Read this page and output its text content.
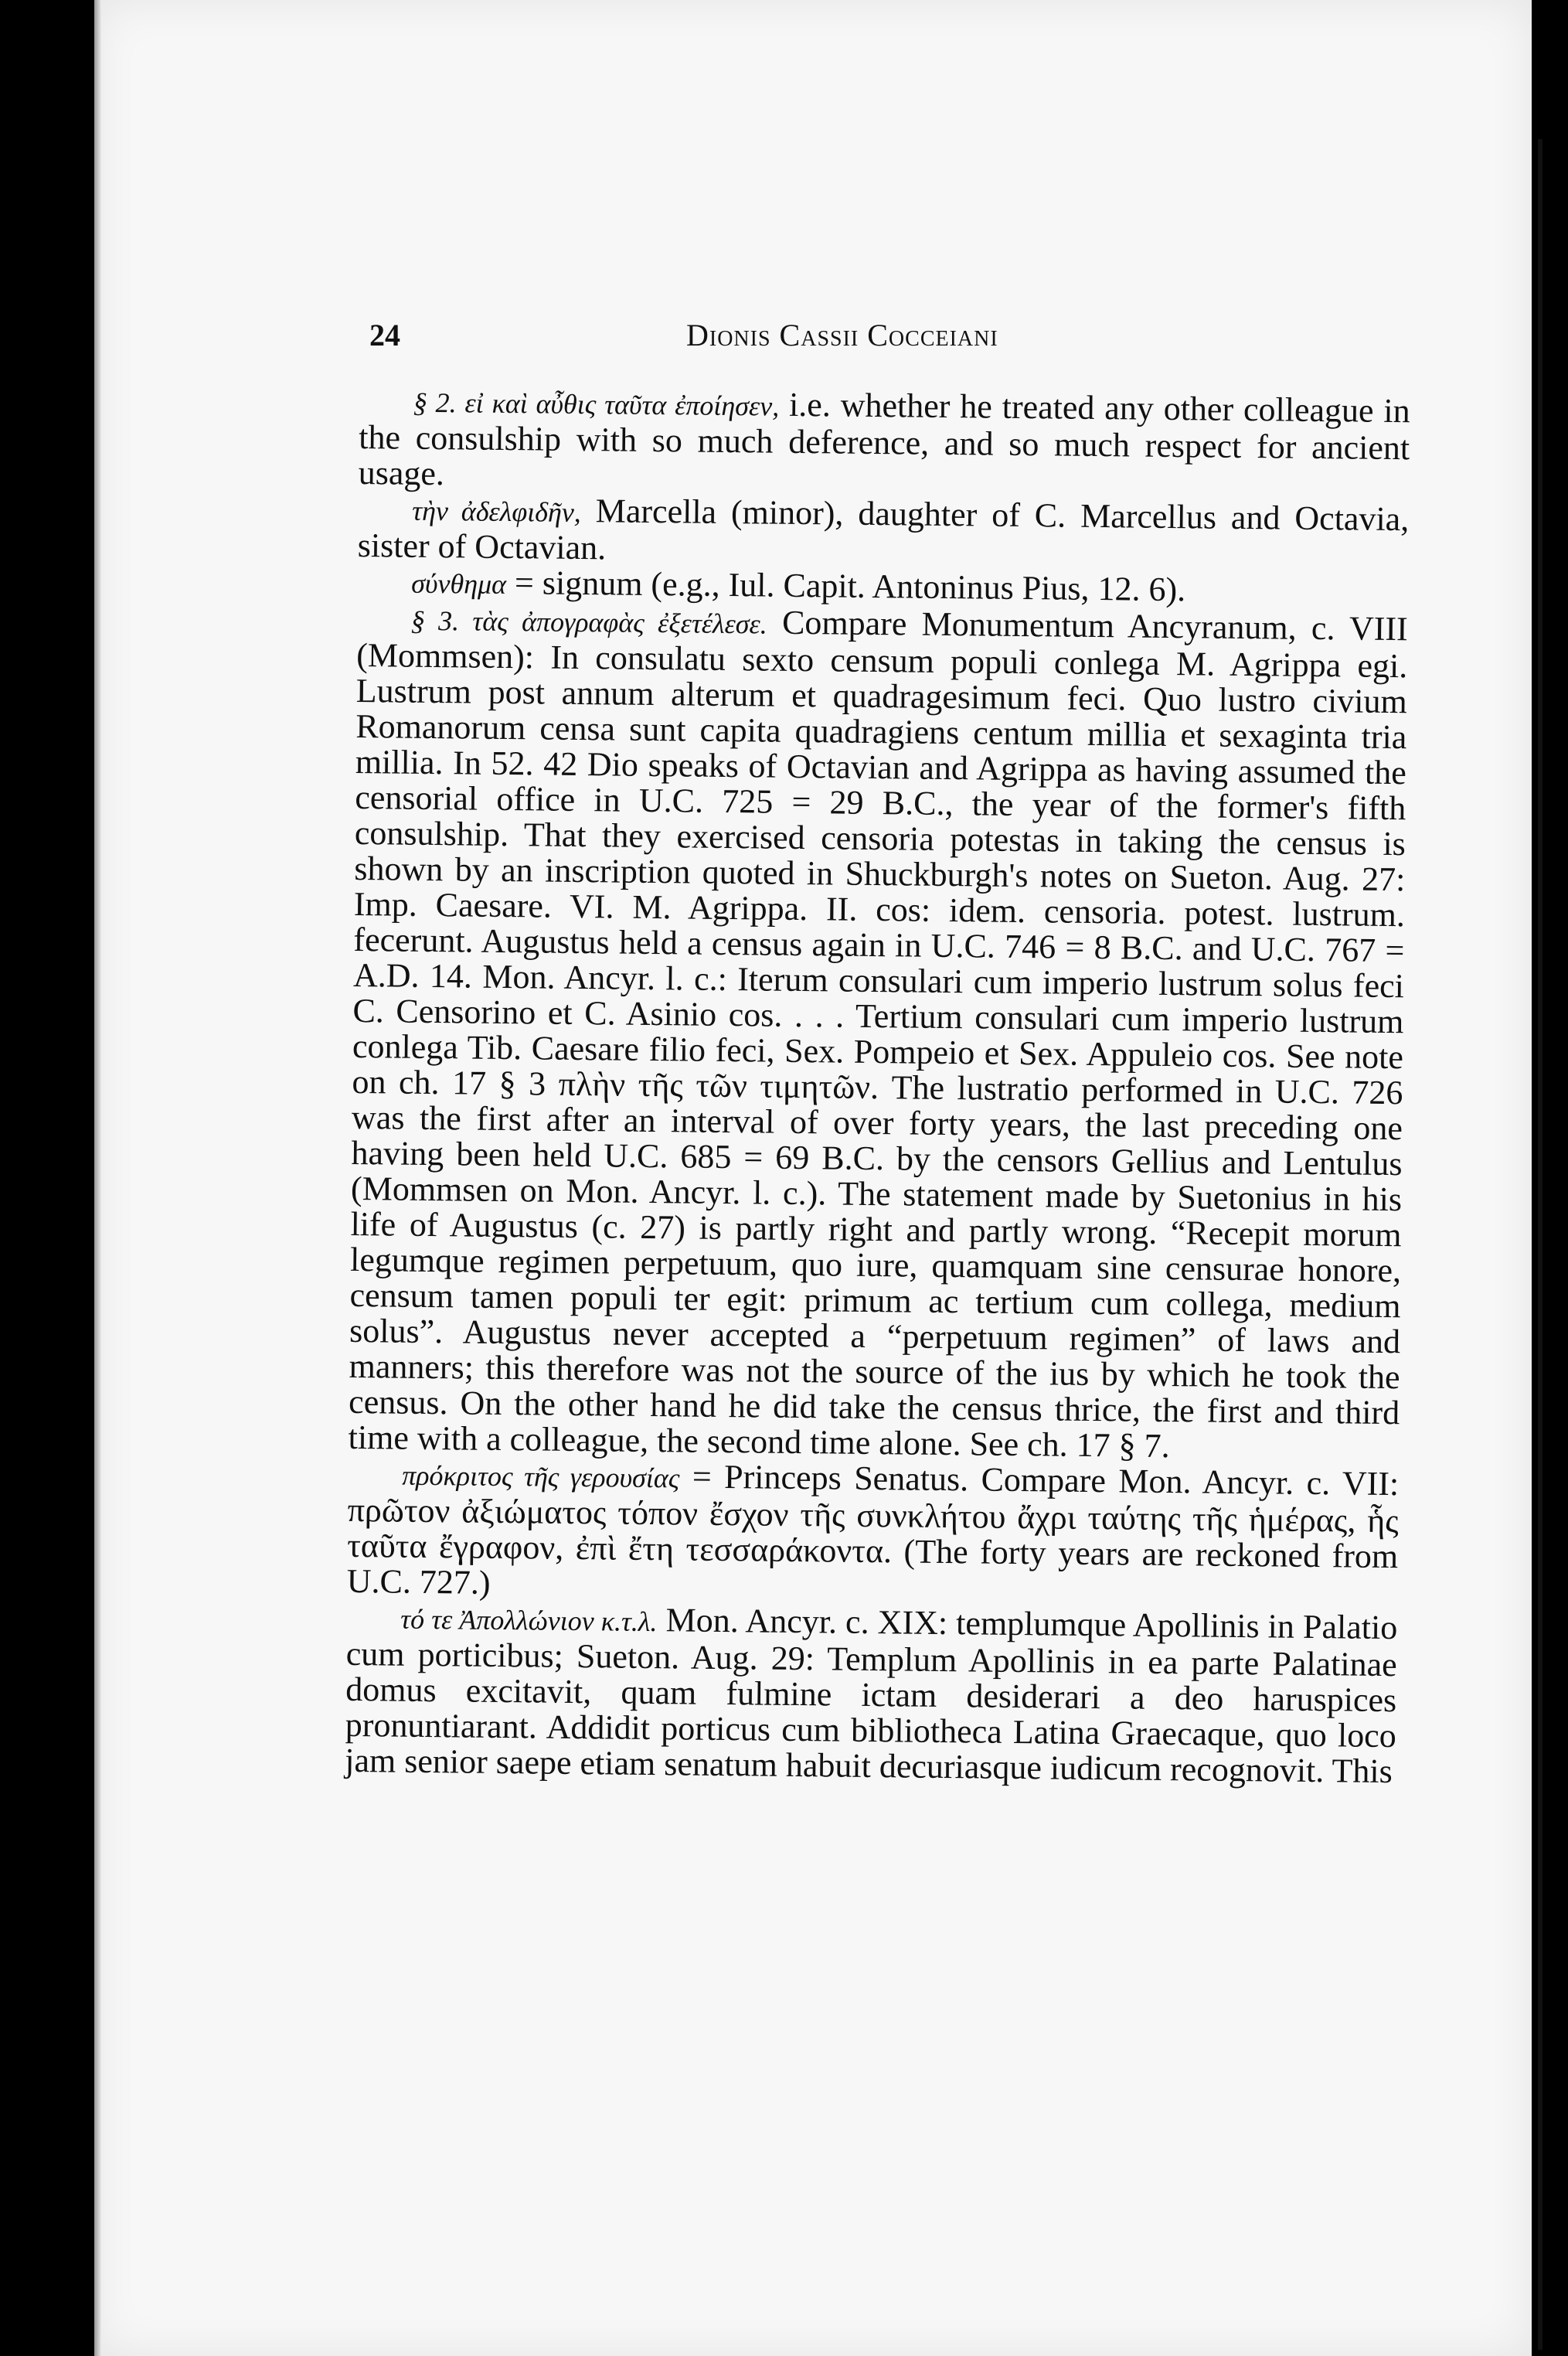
24	Dionis Cassii Cocceiani

§ 2. εἰ καὶ αὖθις ταῦτα ἐποίησεν, i.e. whether he treated any other colleague in the consulship with so much deference, and so much respect for ancient usage.

τὴν ἀδελφιδῆν, Marcella (minor), daughter of C. Marcellus and Octavia, sister of Octavian.

σύνθημα = signum (e.g., Iul. Capit. Antoninus Pius, 12. 6).

§ 3. τὰς ἀπογραφὰς ἐξετέλεσε. Compare Monumentum Ancyranum, c. VIII (Mommsen): In consulatu sexto censum populi conlega M. Agrippa egi. Lustrum post annum alterum et quadragesimum feci. Quo lustro civium Romanorum censa sunt capita quadragiens centum millia et sexaginta tria millia. In 52. 42 Dio speaks of Octavian and Agrippa as having assumed the censorial office in U.C. 725 = 29 B.C., the year of the former's fifth consulship. That they exercised censoria potestas in taking the census is shown by an inscription quoted in Shuckburgh's notes on Sueton. Aug. 27: Imp. Caesare. VI. M. Agrippa. II. cos: idem. censoria. potest. lustrum. fecerunt. Augustus held a census again in U.C. 746 = 8 B.C. and U.C. 767 = A.D. 14. Mon. Ancyr. l. c.: Iterum consulari cum imperio lustrum solus feci C. Censorino et C. Asinio cos. . . . Tertium consulari cum imperio lustrum conlega Tib. Caesare filio feci, Sex. Pompeio et Sex. Appuleio cos. See note on ch. 17 § 3 πλὴν τῆς τῶν τιμητῶν. The lustratio performed in U.C. 726 was the first after an interval of over forty years, the last preceding one having been held U.C. 685 = 69 B.C. by the censors Gellius and Lentulus (Mommsen on Mon. Ancyr. l. c.). The statement made by Suetonius in his life of Augustus (c. 27) is partly right and partly wrong. “Recepit morum legumque regimen perpetuum, quo iure, quamquam sine censurae honore, censum tamen populi ter egit: primum ac tertium cum collega, medium solus”. Augustus never accepted a “perpetuum regimen” of laws and manners; this therefore was not the source of the ius by which he took the census. On the other hand he did take the census thrice, the first and third time with a colleague, the second time alone. See ch. 17 § 7.

πρόκριτος τῆς γερουσίας = Princeps Senatus. Compare Mon. Ancyr. c. VII: πρῶτον ἀξιώματος τόπον ἔσχον τῆς συνκλήτου ἄχρι ταύτης τῆς ἡμέρας, ἧς ταῦτα ἔγραφον, ἐπὶ ἔτη τεσσαράκοντα. (The forty years are reckoned from U.C. 727.)

τό τε Ἀπολλώνιον κ.τ.λ. Mon. Ancyr. c. XIX: templumque Apollinis in Palatio cum porticibus; Sueton. Aug. 29: Templum Apollinis in ea parte Palatinae domus excitavit, quam fulmine ictam desiderari a deo haruspices pronuntiarant. Addidit porticus cum bibliotheca Latina Graecaque, quo loco jam senior saepe etiam senatum habuit decuriasque iudicum recognovit. This
